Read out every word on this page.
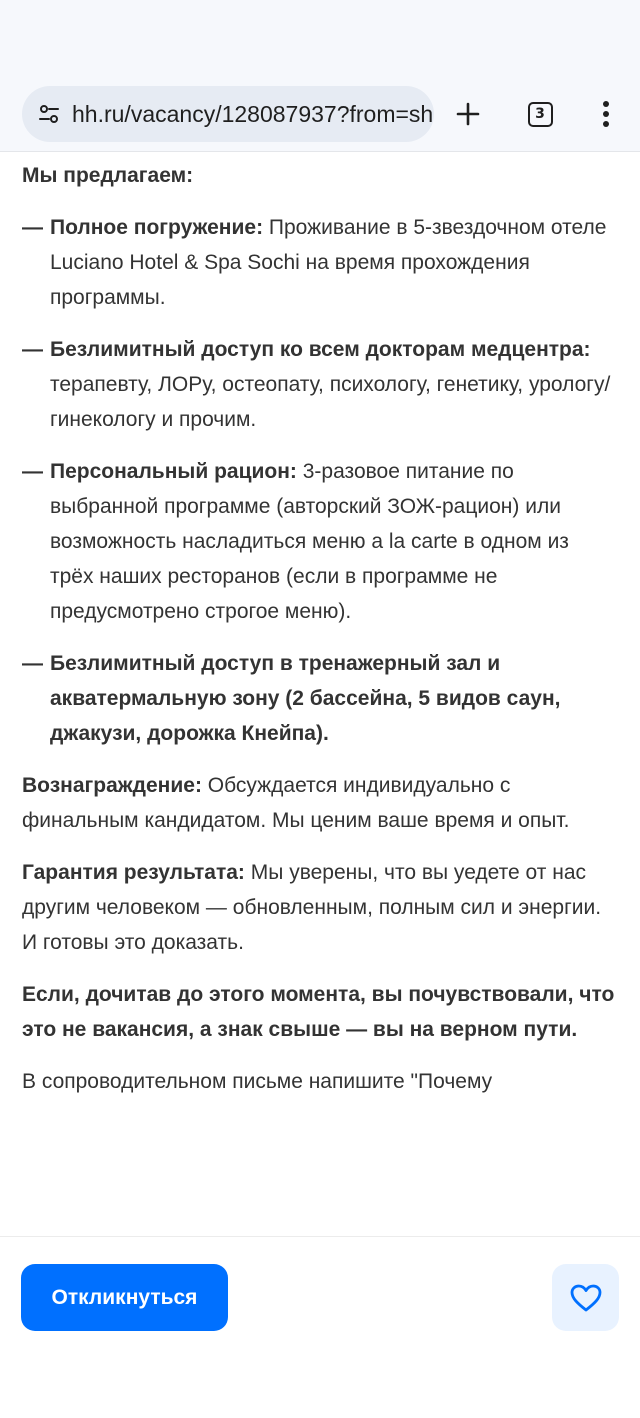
hh.ru/vacancy/128087937?from=sh	3
Мы предлагаем:
— Полное погружение: Проживание в 5-звездочном отеле Luciano Hotel & Spa Sochi на время прохождения программы.
— Безлимитный доступ ко всем докторам медцентра: терапевту, ЛОРу, остеопату, психологу, генетику, урологу/гинекологу и прочим.
— Персональный рацион: 3-разовое питание по выбранной программе (авторский ЗОЖ-рацион) или возможность насладиться меню a la carte в одном из трёх наших ресторанов (если в программе не предусмотрено строгое меню).
— Безлимитный доступ в тренажерный зал и акватермальную зону (2 бассейна, 5 видов саун, джакузи, дорожка Кнейпа).
Вознаграждение: Обсуждается индивидуально с финальным кандидатом. Мы ценим ваше время и опыт.
Гарантия результата: Мы уверены, что вы уедете от нас другим человеком — обновленным, полным сил и энергии. И готовы это доказать.
Если, дочитав до этого момента, вы почувствовали, что это не вакансия, а знак свыше — вы на верном пути.
В сопроводительном письме напишите "Почему
Откликнуться
